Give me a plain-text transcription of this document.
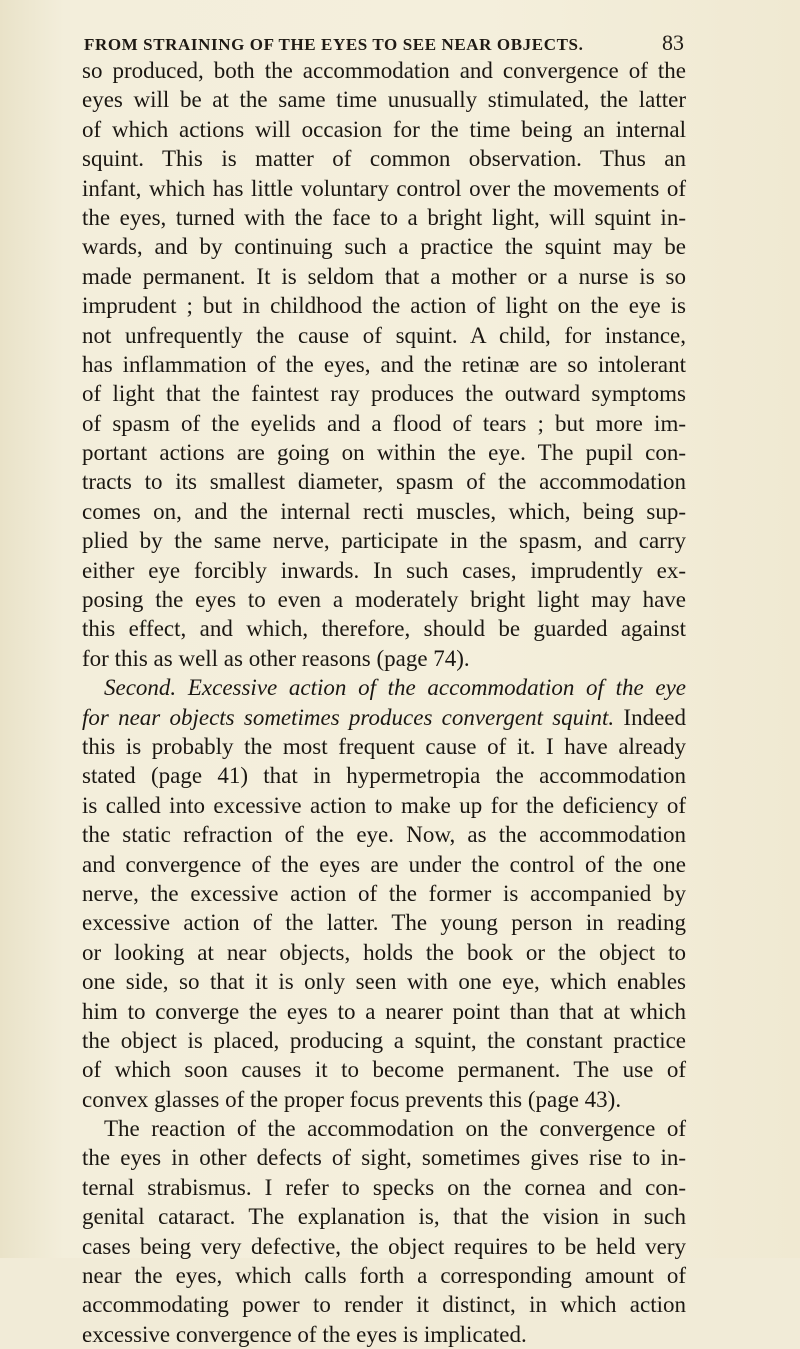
FROM STRAINING OF THE EYES TO SEE NEAR OBJECTS.	83
so produced, both the accommodation and convergence of the
eyes will be at the same time unusually stimulated, the latter
of which actions will occasion for the time being an internal
squint. This is matter of common observation. Thus an
infant, which has little voluntary control over the movements of
the eyes, turned with the face to a bright light, will squint in-
wards, and by continuing such a practice the squint may be
made permanent. It is seldom that a mother or a nurse is so
imprudent ; but in childhood the action of light on the eye is
not unfrequently the cause of squint. A child, for instance,
has inflammation of the eyes, and the retinæ are so intolerant
of light that the faintest ray produces the outward symptoms
of spasm of the eyelids and a flood of tears ; but more im-
portant actions are going on within the eye. The pupil con-
tracts to its smallest diameter, spasm of the accommodation
comes on, and the internal recti muscles, which, being sup-
plied by the same nerve, participate in the spasm, and carry
either eye forcibly inwards. In such cases, imprudently ex-
posing the eyes to even a moderately bright light may have
this effect, and which, therefore, should be guarded against
for this as well as other reasons (page 74).
Second. Excessive action of the accommodation of the eye
for near objects sometimes produces convergent squint. Indeed
this is probably the most frequent cause of it. I have already
stated (page 41) that in hypermetropia the accommodation
is called into excessive action to make up for the deficiency of
the static refraction of the eye. Now, as the accommodation
and convergence of the eyes are under the control of the one
nerve, the excessive action of the former is accompanied by
excessive action of the latter. The young person in reading
or looking at near objects, holds the book or the object to
one side, so that it is only seen with one eye, which enables
him to converge the eyes to a nearer point than that at which
the object is placed, producing a squint, the constant practice
of which soon causes it to become permanent. The use of
convex glasses of the proper focus prevents this (page 43).
The reaction of the accommodation on the convergence of
the eyes in other defects of sight, sometimes gives rise to in-
ternal strabismus. I refer to specks on the cornea and con-
genital cataract. The explanation is, that the vision in such
cases being very defective, the object requires to be held very
near the eyes, which calls forth a corresponding amount of
accommodating power to render it distinct, in which action
excessive convergence of the eyes is implicated.
